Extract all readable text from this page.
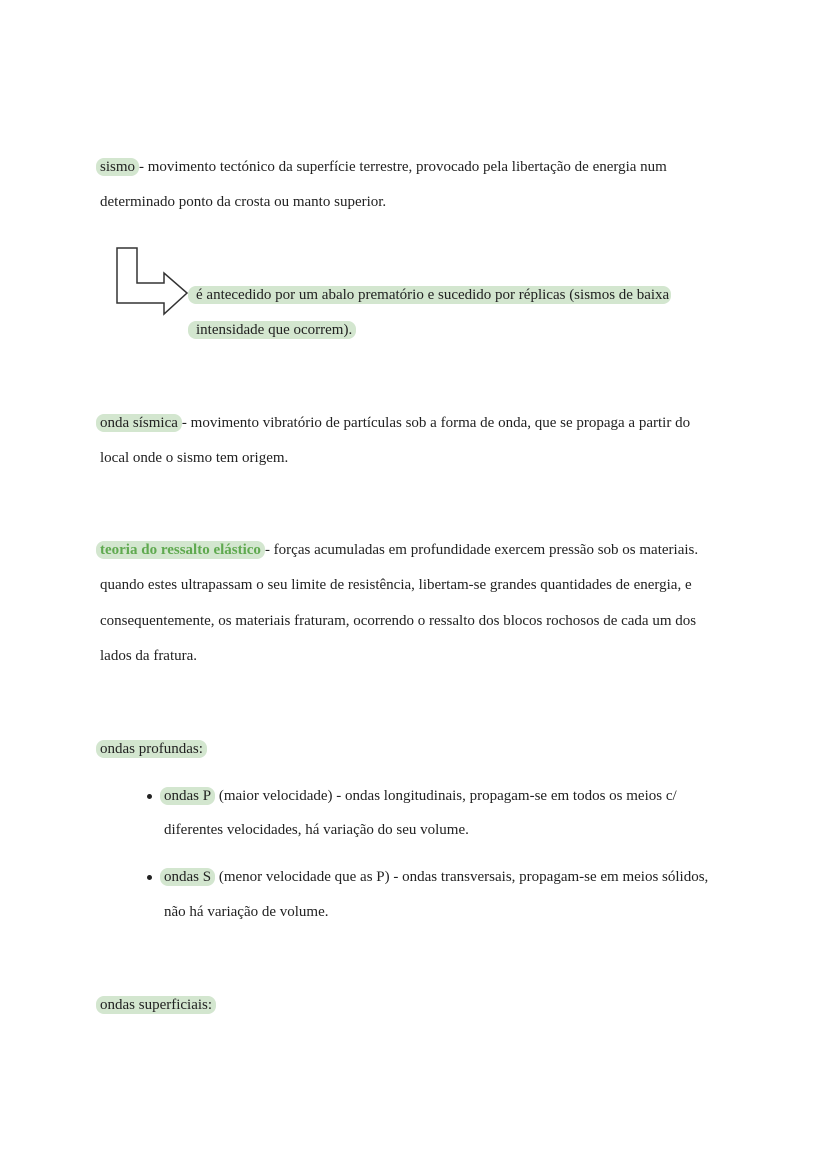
sismo - movimento tectónico da superfície terrestre, provocado pela libertação de energia num
determinado ponto da crosta ou manto superior.
é antecedido por um abalo prematório e sucedido por réplicas (sismos de baixa
intensidade que ocorrem).
onda sísmica - movimento vibratório de partículas sob a forma de onda, que se propaga a partir do
local onde o sismo tem origem.
teoria do ressalto elástico - forças acumuladas em profundidade exercem pressão sob os materiais.
quando estes ultrapassam o seu limite de resistência, libertam-se grandes quantidades de energia, e
consequentemente, os materiais fraturam, ocorrendo o ressalto dos blocos rochosos de cada um dos
lados da fratura.
ondas profundas:
ondas P (maior velocidade) - ondas longitudinais, propagam-se em todos os meios c/
diferentes velocidades, há variação do seu volume.
ondas S (menor velocidade que as P) - ondas transversais, propagam-se em meios sólidos,
não há variação de volume.
ondas superficiais:
